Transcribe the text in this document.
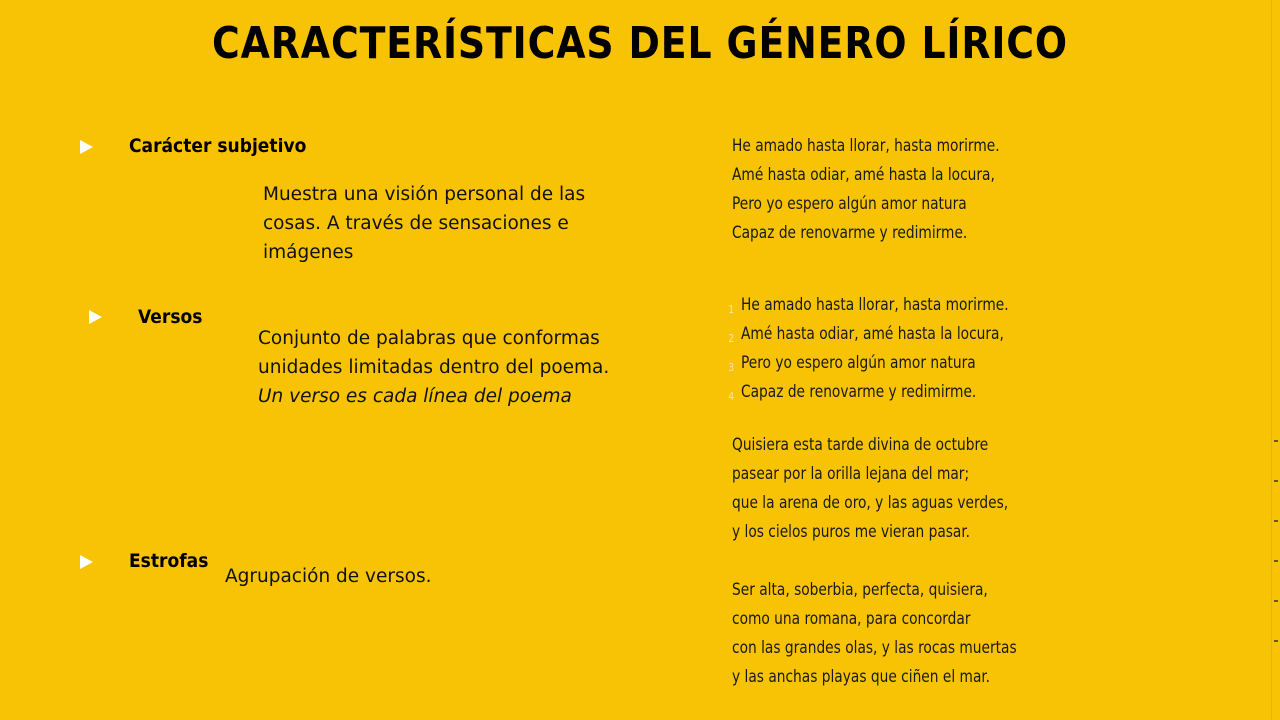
CARACTERÍSTICAS DEL GÉNERO LÍRICO
Carácter subjetivo
Muestra una visión personal de las
cosas. A través de sensaciones e
imágenes
Versos
Conjunto de palabras que conformas
unidades limitadas dentro del poema.
Un verso es cada línea del poema
Estrofas
Agrupación de versos.
He amado hasta llorar, hasta morirme.
Amé hasta odiar, amé hasta la locura,
Pero yo espero algún amor natura
Capaz de renovarme y redimirme.
1 He amado hasta llorar, hasta morirme.
2 Amé hasta odiar, amé hasta la locura,
3 Pero yo espero algún amor natura
4 Capaz de renovarme y redimirme.
Quisiera esta tarde divina de octubre
pasear por la orilla lejana del mar;
que la arena de oro, y las aguas verdes,
y los cielos puros me vieran pasar.
Ser alta, soberbia, perfecta, quisiera,
como una romana, para concordar
con las grandes olas, y las rocas muertas
y las anchas playas que ciñen el mar.
